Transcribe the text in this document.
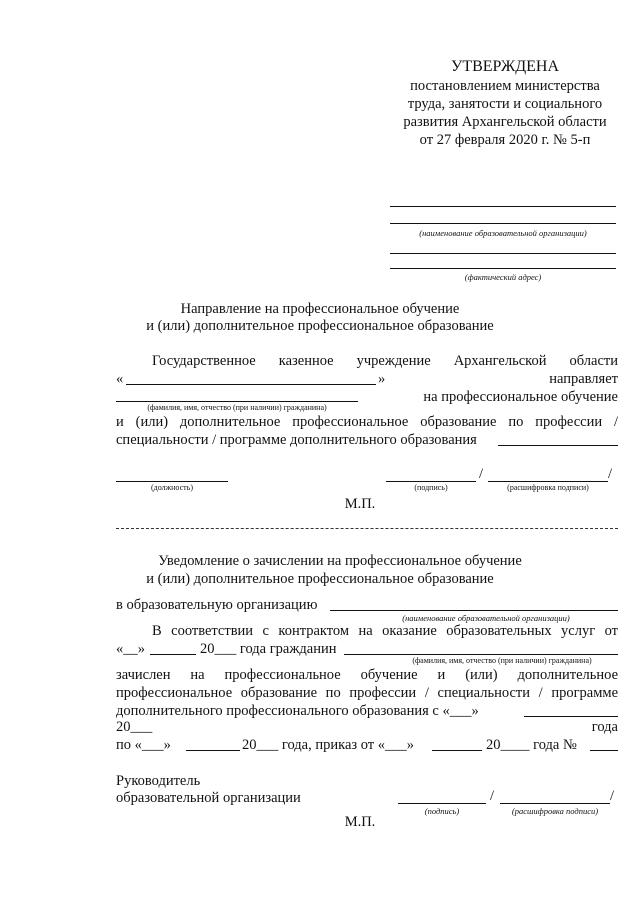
УТВЕРЖДЕНА
постановлением министерства
труда, занятости и социального
развития Архангельской области
от 27 февраля 2020 г. № 5-п
(наименование образовательной организации)
(фактический адрес)
Направление на профессиональное обучение
и (или) дополнительное профессиональное образование
Государственное казенное учреждение Архангельской области
«	»	направляет
на профессиональное обучение
(фамилия, имя, отчество (при наличии) гражданина)
и (или) дополнительное профессиональное образование по профессии /
специальности / программе дополнительного образования
(должность)
/	/
(подпись)	(расшифровка подписи)
М.П.
Уведомление о зачислении на профессиональное обучение
и (или) дополнительное профессиональное образование
в образовательную организацию
(наименование образовательной организации)
В соответствии с контрактом на оказание образовательных услуг от
«__»	20___ года гражданин
(фамилия, имя, отчество (при наличии) гражданина)
зачислен на профессиональное обучение и (или) дополнительное
профессиональное образование по профессии / специальности / программе
дополнительного профессионального образования с «___»
20___	года
по «___»	20___ года, приказ от «___»	20____ года №
Руководитель
образовательной организации	/	/
(подпись)	(расшифровка подписи)
М.П.
